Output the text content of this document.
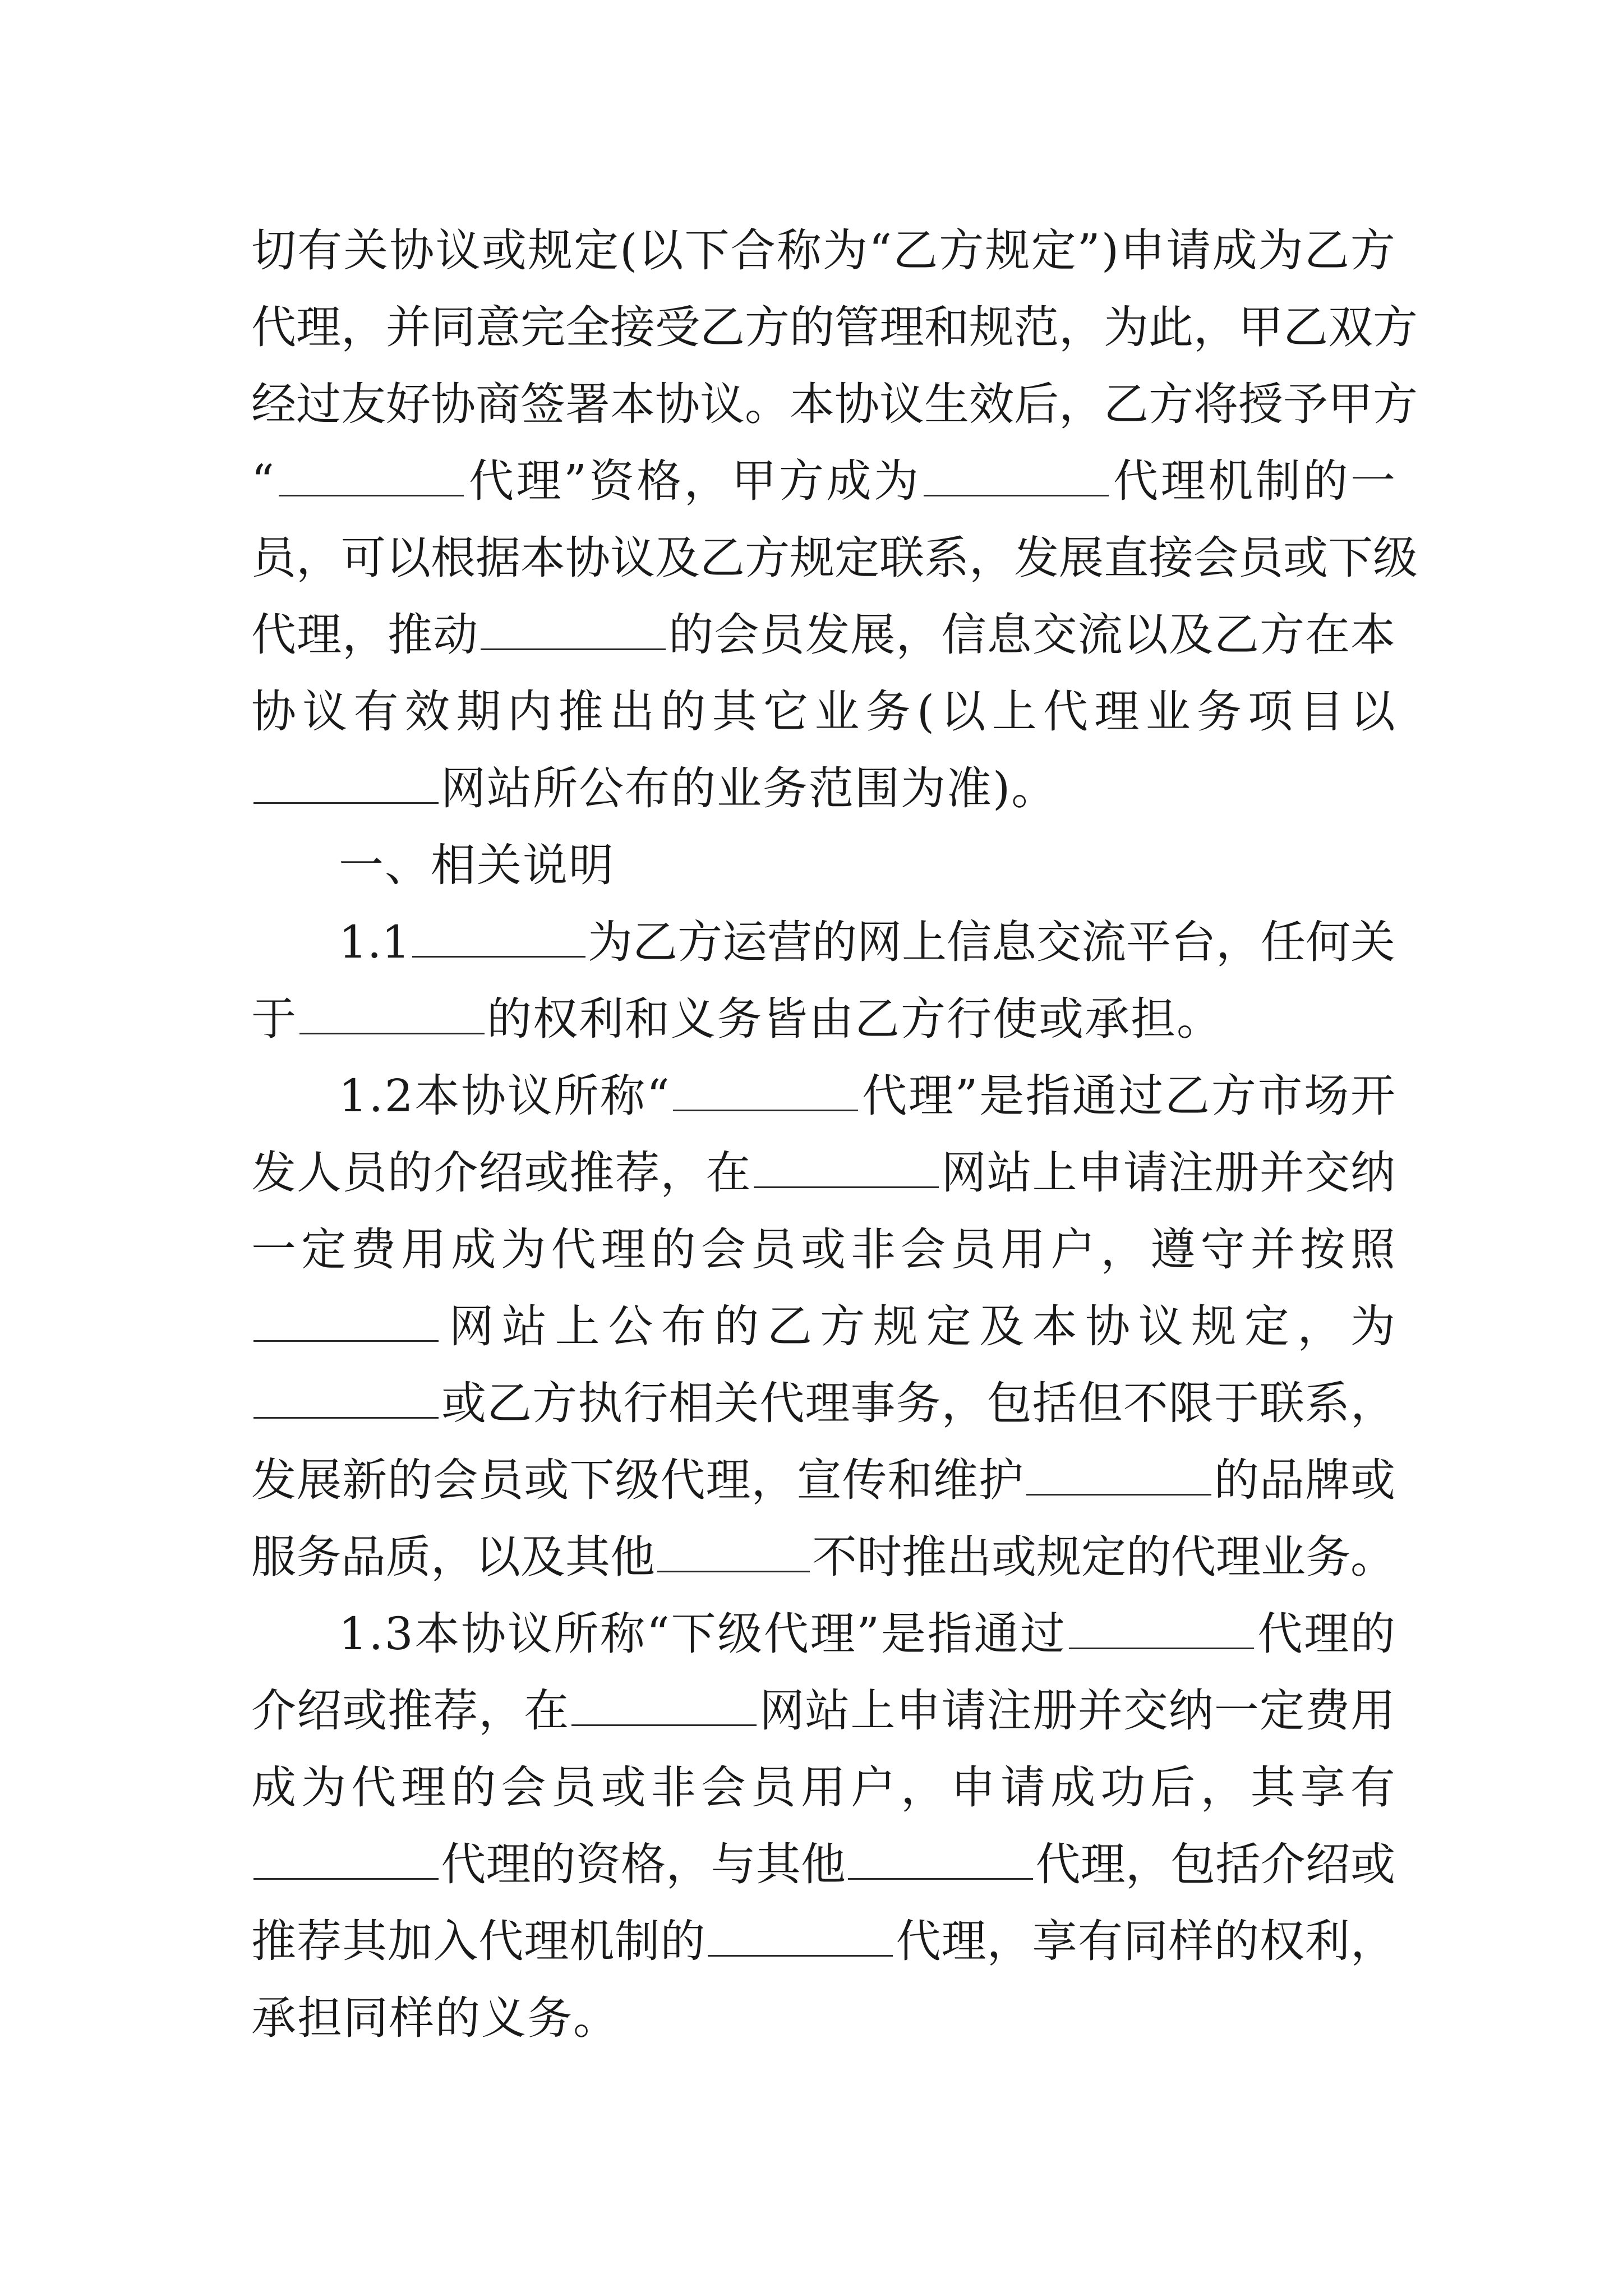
切 有 关 协 议 或 规 定 ( 以 下 合 称 为 “ 乙 方 规 定 ” ) 申 请 成 为 乙 方
代 理 ， 并 同 意 完 全 接 受 乙 方 的 管 理 和 规 范 ， 为 此 ， 甲 乙 双 方
经 过 友 好 协 商 签 署 本 协 议 。 本 协 议 生 效 后 ， 乙 方 将 授 予 甲 方
“	代 理 ” 资 格 ， 甲 方 成 为	代 理 机 制 的 一
员 ， 可 以 根 据 本 协 议 及 乙 方 规 定 联 系 ， 发 展 直 接 会 员 或 下 级
代 理 ， 推 动	的 会 员 发 展 ， 信 息 交 流 以 及 乙 方 在 本
协 议 有 效 期 内 推 出 的 其 它 业 务 ( 以 上 代 理 业 务 项 目 以
网 站 所 公 布 的 业 务 范 围 为 准 ) 。
一 、 相 关 说 明
1 . 1	为 乙 方 运 营 的 网 上 信 息 交 流 平 台 ， 任 何 关
于	的 权 利 和 义 务 皆 由 乙 方 行 使 或 承 担 。
1 . 2 本 协 议 所 称 “	代 理 ” 是 指 通 过 乙 方 市 场 开
发 人 员 的 介 绍 或 推 荐 ， 在	网 站 上 申 请 注 册 并 交 纳
一 定 费 用 成 为 代 理 的 会 员 或 非 会 员 用 户 ， 遵 守 并 按 照
网 站 上 公 布 的 乙 方 规 定 及 本 协 议 规 定 ， 为
或 乙 方 执 行 相 关 代 理 事 务 ， 包 括 但 不 限 于 联 系 ，
发 展 新 的 会 员 或 下 级 代 理 ， 宣 传 和 维 护	的 品 牌 或
服 务 品 质 ， 以 及 其 他	不 时 推 出 或 规 定 的 代 理 业 务 。
1 . 3 本 协 议 所 称 “ 下 级 代 理 ” 是 指 通 过	代 理 的
介 绍 或 推 荐 ， 在	网 站 上 申 请 注 册 并 交 纳 一 定 费 用
成 为 代 理 的 会 员 或 非 会 员 用 户 ， 申 请 成 功 后 ， 其 享 有
代 理 的 资 格 ， 与 其 他	代 理 ， 包 括 介 绍 或
推 荐 其 加 入 代 理 机 制 的	代 理 ， 享 有 同 样 的 权 利 ，
承 担 同 样 的 义 务 。
